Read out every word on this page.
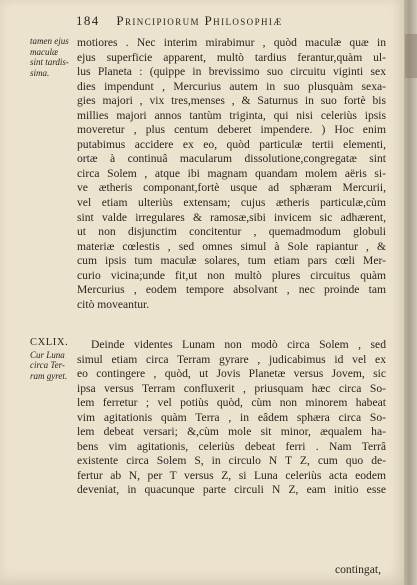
184 Principiorum Philosophiæ
tamen ejus
maculæ
sint tardis-
sima.
CXLIX.
Cur Luna
circa Ter-
ram gyret.
motiores . Nec interim mirabimur , quòd maculæ quæ in
ejus superficie apparent, multò tardius ferantur,quàm ul-
lus Planeta : (quippe in brevissimo suo circuitu viginti sex
dies impendunt , Mercurius autem in suo plusquàm sexa-
gies majori , vix tres,menses , & Saturnus in suo fortè bis
millies majori annos tantùm triginta, qui nisi celeriùs ipsis
moveretur , plus centum deberet impendere. ) Hoc enim
putabimus accidere ex eo, quòd particulæ tertii elementi,
ortæ à continuâ macularum dissolutione,congregatæ sint
circa Solem , atque ibi magnam quandam molem aëris si-
ve ætheris componant,fortè usque ad sphæram Mercurii,
vel etiam ulteriùs extensam; cujus ætheris particulæ,cùm
sint valde irregulares & ramosæ,sibi invicem sic adhærent,
ut non disjunctim concitentur , quemadmodum globuli
materiæ cœlestis , sed omnes simul à Sole rapiantur , &
cum ipsis tum maculæ solares, tum etiam pars cœli Mer-
curio vicina;unde fit,ut non multò plures circuitus quàm
Mercurius , eodem tempore absolvant , nec proinde tam
citò moveantur.
Deinde videntes Lunam non modò circa Solem , sed
simul etiam circa Terram gyrare , judicabimus id vel ex
eo contingere , quòd, ut Jovis Planetæ versus Jovem, sic
ipsa versus Terram confluxerit , priusquam hæc circa So-
lem ferretur ; vel potiùs quòd, cùm non minorem habeat
vim agitationis quàm Terra , in eâdem sphæra circa So-
lem debeat versari; &,cùm mole sit minor, æqualem ha-
bens vim agitationis, celeriùs debeat ferri . Nam Terrâ
existente circa Solem S, in circulo N T Z, cum quo de-
fertur ab N, per T versus Z, si Luna celeriùs acta eodem
deveniat, in quacunque parte circuli N Z, eam initio esse
contingat,
